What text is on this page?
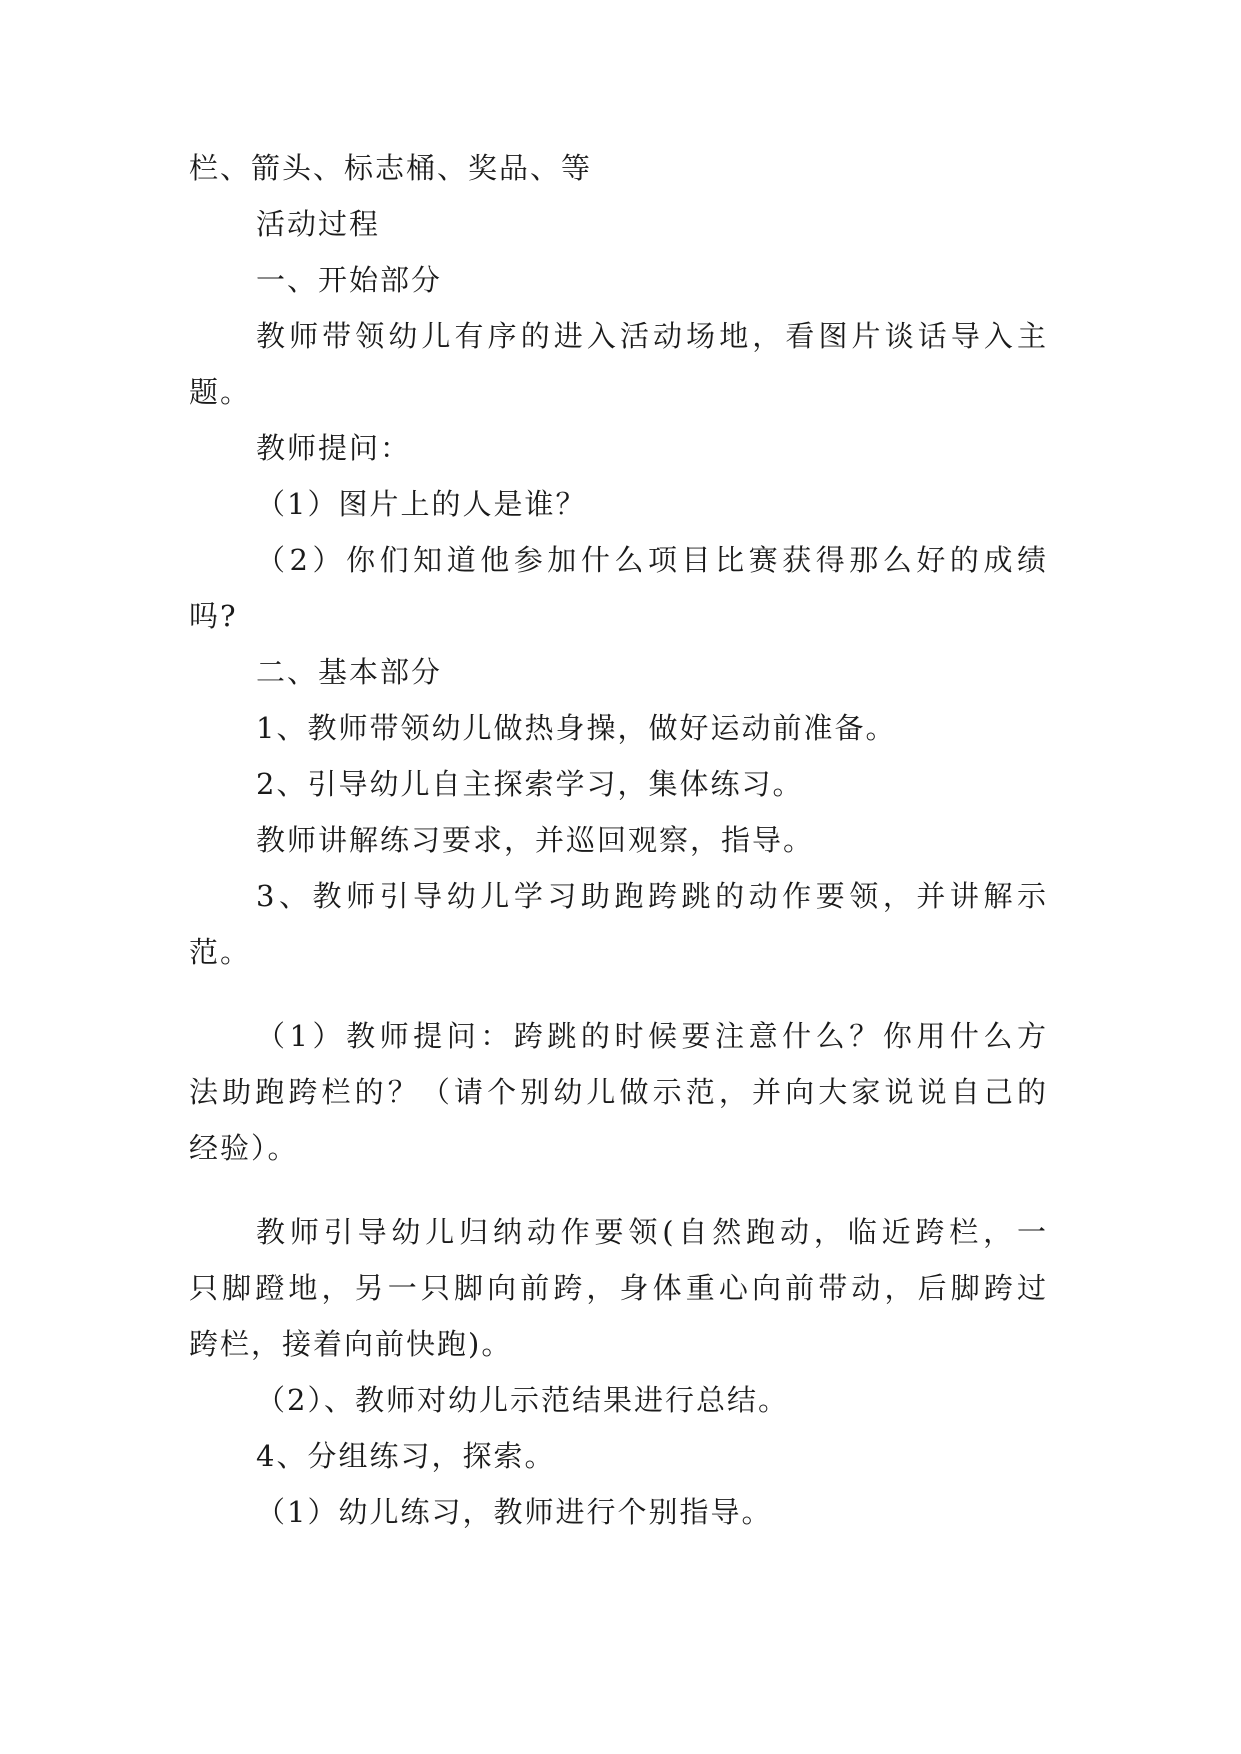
栏、箭头、标志桶、奖品、等
活动过程
一、开始部分
教师带领幼儿有序的进入活动场地，看图片谈话导入主
题。
教师提问：
（1）图片上的人是谁？
（2）你们知道他参加什么项目比赛获得那么好的成绩
吗?
二、基本部分
1、教师带领幼儿做热身操，做好运动前准备。
2、引导幼儿自主探索学习，集体练习。
教师讲解练习要求，并巡回观察，指导。
3、教师引导幼儿学习助跑跨跳的动作要领，并讲解示
范。
（1）教师提问：跨跳的时候要注意什么？你用什么方
法助跑跨栏的？（请个别幼儿做示范，并向大家说说自己的
经验）。
教师引导幼儿归纳动作要领(自然跑动，临近跨栏，一
只脚蹬地，另一只脚向前跨，身体重心向前带动，后脚跨过
跨栏，接着向前快跑)。
（2）、教师对幼儿示范结果进行总结。
4、分组练习，探索。
（1）幼儿练习，教师进行个别指导。
